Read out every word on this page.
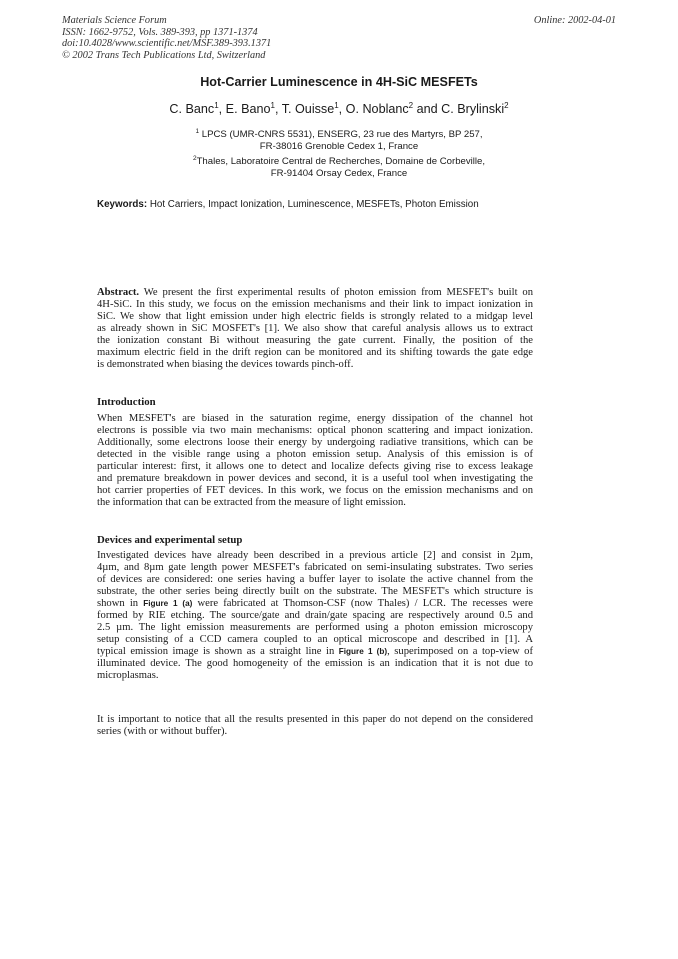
Materials Science Forum
ISSN: 1662-9752, Vols. 389-393, pp 1371-1374
doi:10.4028/www.scientific.net/MSF.389-393.1371
© 2002 Trans Tech Publications Ltd, Switzerland
Online: 2002-04-01
Hot-Carrier Luminescence in 4H-SiC MESFETs
C. Banc$^1$, E. Bano$^1$, T. Ouisse$^1$, O. Noblanc$^2$ and C. Brylinski$^2$
$^1$ LPCS (UMR-CNRS 5531), ENSERG, 23 rue des Martyrs, BP 257,
FR-38016 Grenoble Cedex 1, France
$^2$Thales, Laboratoire Central de Recherches, Domaine de Corbeville,
FR-91404 Orsay Cedex, France
Keywords: Hot Carriers, Impact Ionization, Luminescence, MESFETs, Photon Emission
Abstract. We present the first experimental results of photon emission from MESFET's built on
4H-SiC. In this study, we focus on the emission mechanisms and their link to impact ionization in
SiC. We show that light emission under high electric fields is strongly related to a midgap level
as already shown in SiC MOSFET's [1]. We also show that careful analysis allows us to extract
the ionization constant Bi without measuring the gate current. Finally, the position of the
maximum electric field in the drift region can be monitored and its shifting towards the gate edge
is demonstrated when biasing the devices towards pinch-off.
Introduction
When MESFET's are biased in the saturation regime, energy dissipation of the channel hot
electrons is possible via two main mechanisms: optical phonon scattering and impact ionization.
Additionally, some electrons loose their energy by undergoing radiative transitions, which can be
detected in the visible range using a photon emission setup. Analysis of this emission is of
particular interest: first, it allows one to detect and localize defects giving rise to excess leakage
and premature breakdown in power devices and second, it is a useful tool when investigating the
hot carrier properties of FET devices. In this work, we focus on the emission mechanisms and on
the information that can be extracted from the measure of light emission.
Devices and experimental setup
Investigated devices have already been described in a previous article [2] and consist in 2µm,
4µm, and 8µm gate length power MESFET's fabricated on semi-insulating substrates. Two series
of devices are considered: one series having a buffer layer to isolate the active channel from the
substrate, the other series being directly built on the substrate. The MESFET's which structure is
shown in Figure 1 (a) were fabricated at Thomson-CSF (now Thales) / LCR. The recesses were
formed by RIE etching. The source/gate and drain/gate spacing are respectively around 0.5 and
2.5 µm. The light emission measurements are performed using a photon emission microscopy
setup consisting of a CCD camera coupled to an optical microscope and described in [1]. A
typical emission image is shown as a straight line in Figure 1 (b), superimposed on a top-view of
illuminated device. The good homogeneity of the emission is an indication that it is not due to
microplasmas.
It is important to notice that all the results presented in this paper do not depend on the considered
series (with or without buffer).
